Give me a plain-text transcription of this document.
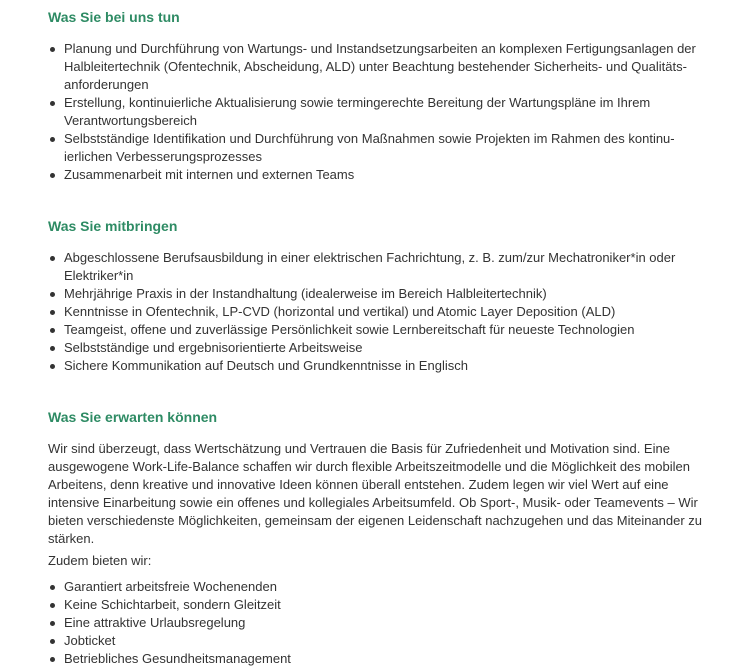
Was Sie bei uns tun
Planung und Durchführung von Wartungs- und Instandsetzungsarbeiten an komplexen Fertigungsanlagen der Halbleitertechnik (Ofentechnik, Abscheidung, ALD) unter Beachtung bestehender Sicherheits- und Qualitätsanforderungen
Erstellung, kontinuierliche Aktualisierung sowie termingerechte Bereitung der Wartungspläne im Ihrem Verantwortungsbereich
Selbstständige Identifikation und Durchführung von Maßnahmen sowie Projekten im Rahmen des kontinuierlichen Verbesserungsprozesses
Zusammenarbeit mit internen und externen Teams
Was Sie mitbringen
Abgeschlossene Berufsausbildung in einer elektrischen Fachrichtung, z. B. zum/zur Mechatroniker*in oder Elektriker*in
Mehrjährige Praxis in der Instandhaltung (idealerweise im Bereich Halbleitertechnik)
Kenntnisse in Ofentechnik, LP-CVD (horizontal und vertikal) und Atomic Layer Deposition (ALD)
Teamgeist, offene und zuverlässige Persönlichkeit sowie Lernbereitschaft für neueste Technologien
Selbstständige und ergebnisorientierte Arbeitsweise
Sichere Kommunikation auf Deutsch und Grundkenntnisse in Englisch
Was Sie erwarten können

Wir sind überzeugt, dass Wertschätzung und Vertrauen die Basis für Zufriedenheit und Motivation sind. Eine ausgewogene Work-Life-Balance schaffen wir durch flexible Arbeitszeitmodelle und die Möglichkeit des mobilen Arbeitens, denn kreative und innovative Ideen können überall entstehen. Zudem legen wir viel Wert auf eine intensive Einarbeitung sowie ein offenes und kollegiales Arbeitsumfeld. Ob Sport-, Musik- oder Teamevents – Wir bieten verschiedenste Möglichkeiten, gemeinsam der eigenen Leidenschaft nachzugehen und das Miteinander zu stärken.

Zudem bieten wir:

Garantiert arbeitsfreie Wochenenden
Keine Schichtarbeit, sondern Gleitzeit
Eine attraktive Urlaubsregelung
Jobticket
Betriebliches Gesundheitsmanagement
